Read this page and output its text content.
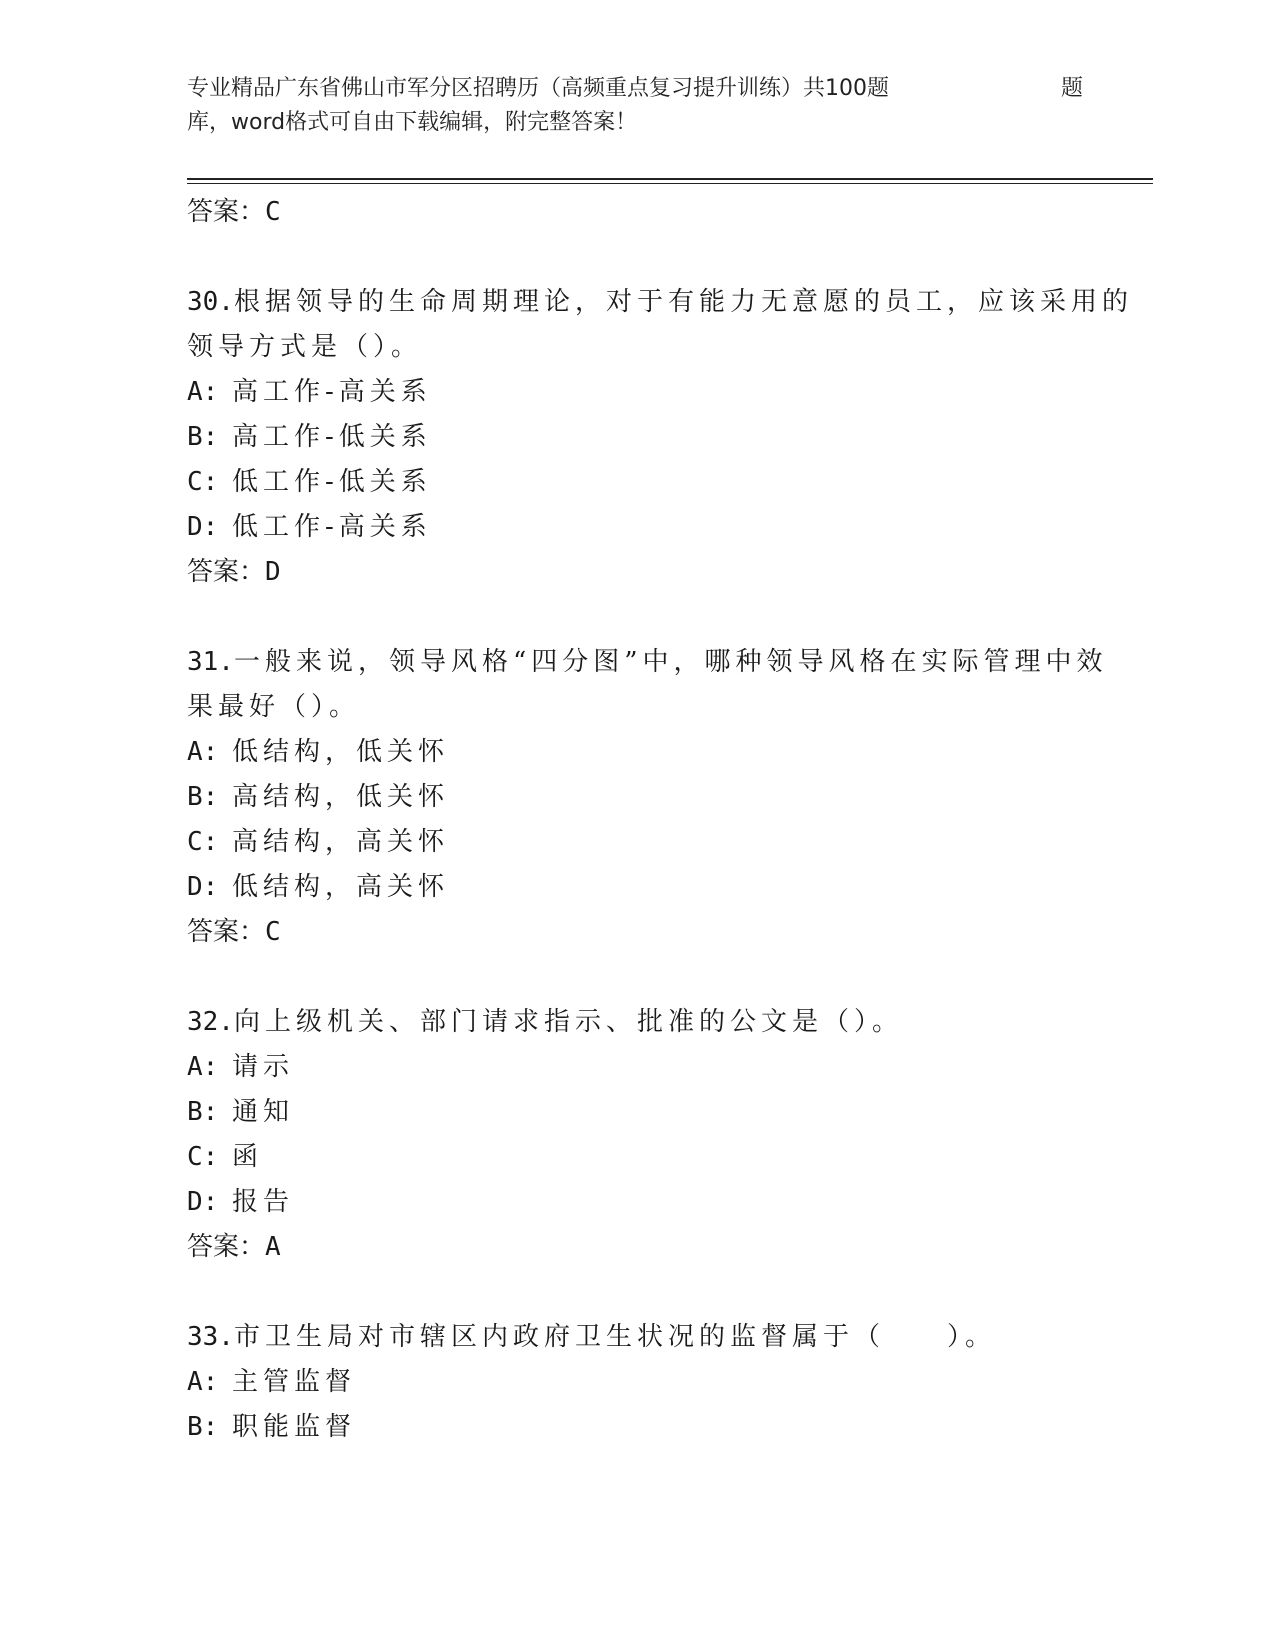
专业精品广东省佛山市军分区招聘历（高频重点复习提升训练）共100题	题
库，word格式可自由下载编辑，附完整答案！
答案：C
30.根据领导的生命周期理论，对于有能力无意愿的员工，应该采用的
领导方式是（）。
A: 高工作-高关系
B: 高工作-低关系
C: 低工作-低关系
D: 低工作-高关系
答案：D
31.一般来说，领导风格“四分图”中，哪种领导风格在实际管理中效
果最好（）。
A: 低结构，低关怀
B: 高结构，低关怀
C: 高结构，高关怀
D: 低结构，高关怀
答案：C
32.向上级机关、部门请求指示、批准的公文是（）。
A: 请示
B: 通知
C: 函
D: 报告
答案：A
33.市卫生局对市辖区内政府卫生状况的监督属于（　　）。
A: 主管监督
B: 职能监督
